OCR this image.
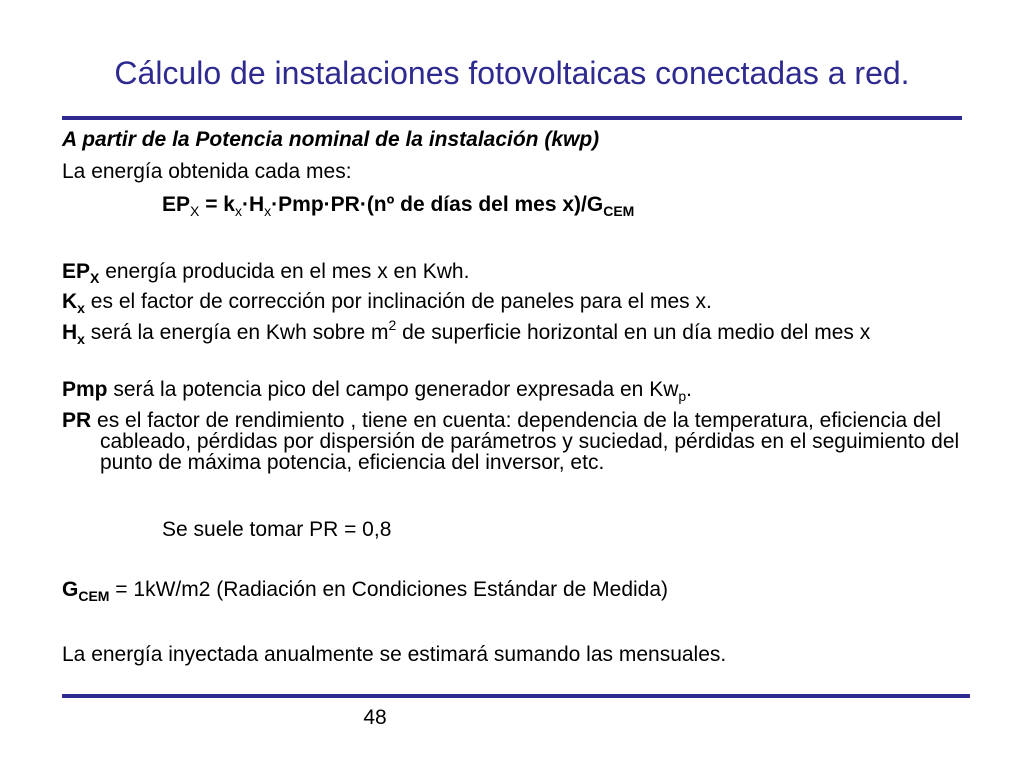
Cálculo de instalaciones fotovoltaicas conectadas a red.
A partir de la Potencia nominal de la instalación (kwp)
La energía obtenida cada mes:
$EP_X$ = $k_x\cdot H_x\cdot Pmp\cdot PR\cdot(nº$ de días del mes $x)/G_{CEM}$
$EP_X$ energía producida en el mes x en Kwh.
$K_x$ es el factor de corrección por inclinación de paneles para el mes x.
$H_x$ será la energía en Kwh sobre $m^2$ de superficie horizontal en un día medio del mes x
Pmp será la potencia pico del campo generador expresada en $Kw_p$.
PR es el factor de rendimiento , tiene en cuenta: dependencia de la temperatura, eficiencia del cableado, pérdidas por dispersión de parámetros y suciedad, pérdidas en el seguimiento del punto de máxima potencia, eficiencia del inversor, etc.
Se suele tomar PR = 0,8
$G_{CEM} = 1kW/m2$ (Radiación en Condiciones Estándar de Medida)
La energía inyectada anualmente se estimará sumando las mensuales.
48
